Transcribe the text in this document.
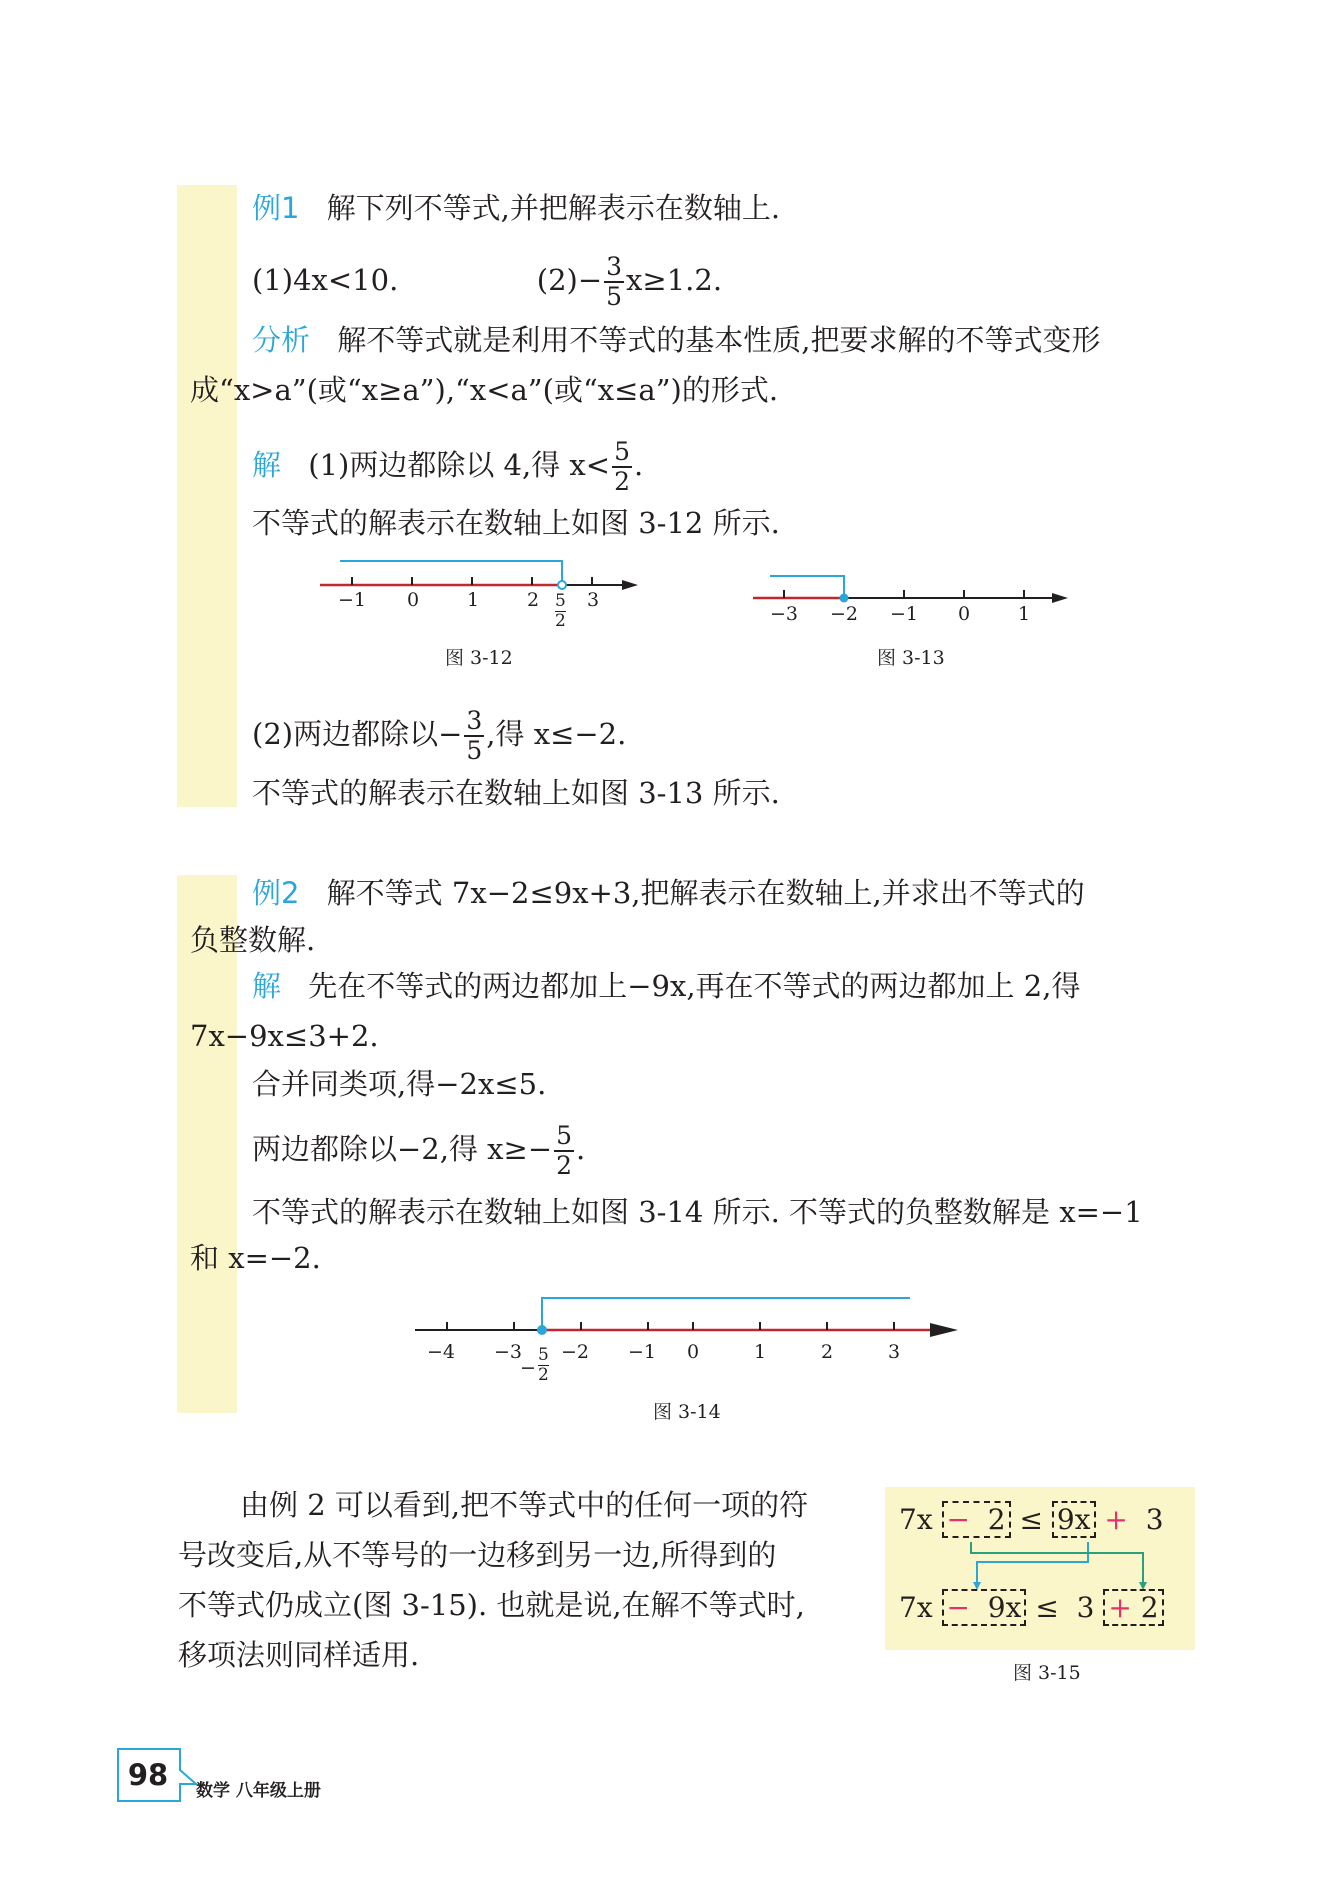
例1 解下列不等式,并把解表示在数轴上.
(1)4x<10.	$(2)- \frac{3}{5} x\ge 1.2$.
分析 解不等式就是利用不等式的基本性质,把要求解的不等式变形
成“x>a”(或“x≥a”),“x<a”(或“x≤a”)的形式.
解 (1)两边都除以 4,得 $x< \frac{5}{2}$ .
不等式的解表示在数轴上如图 3-12 所示.
−1 0	1	2	3
$\frac{5}{2}$
图 3-12
−3 −2 −1 0	1
图 3-13
(2)两边都除以− $\frac{3}{5}$ ,得 x≤−2.
不等式的解表示在数轴上如图 3-13 所示.
例2 解不等式 7x−2≤9x+3,把解表示在数轴上,并求出不等式的
负整数解.
解 先在不等式的两边都加上−9x,再在不等式的两边都加上 2,得
7x−9x≤3+2.
合并同类项,得−2x≤5.
两边都除以−2,得 $x\ge- \frac{5}{2}$ .
不等式的解表示在数轴上如图 3-14 所示. 不等式的负整数解是 x=−1
和 x=−2.
−4 −3 −2 −1 0	1	2	3
− $\frac{5}{2}$
图 3-14
由例 2 可以看到,把不等式中的任何一项的符
号改变后,从不等号的一边移到另一边,所得到的
不等式仍成立(图 3-15). 也就是说,在解不等式时,
移项法则同样适用.
7x − 2 ≤ 9x + 3
7x − 9x ≤ 3 + 2
图 3-15
98	数学 八年级上册
